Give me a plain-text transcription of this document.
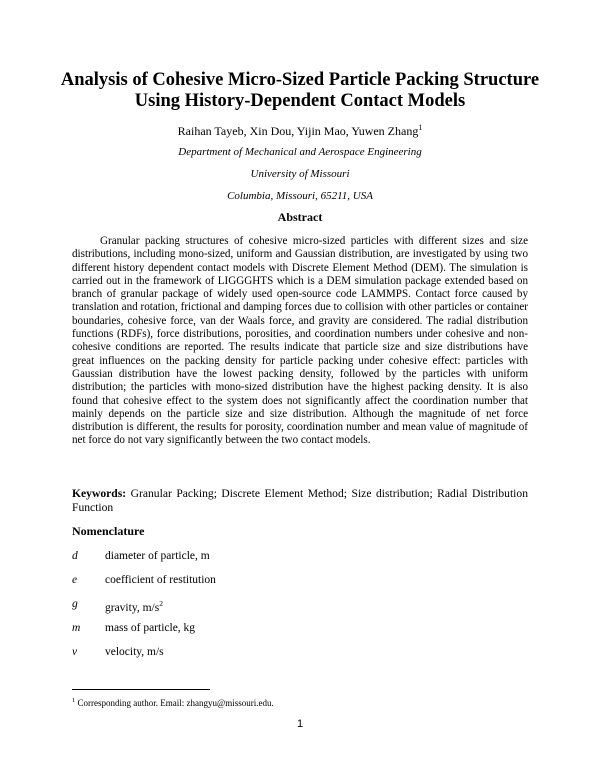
Analysis of Cohesive Micro-Sized Particle Packing Structure
Using History-Dependent Contact Models
Raihan Tayeb, Xin Dou, Yijin Mao, Yuwen Zhang$^1$
Department of Mechanical and Aerospace Engineering
University of Missouri
Columbia, Missouri, 65211, USA
Abstract

Granular packing structures of cohesive micro-sized particles with different sizes and size distributions, including mono-sized, uniform and Gaussian distribution, are investigated by using two different history dependent contact models with Discrete Element Method (DEM). The simulation is carried out in the framework of LIGGGHTS which is a DEM simulation package extended based on branch of granular package of widely used open-source code LAMMPS. Contact force caused by translation and rotation, frictional and damping forces due to collision with other particles or container boundaries, cohesive force, van der Waals force, and gravity are considered. The radial distribution functions (RDFs), force distributions, porosities, and coordination numbers under cohesive and non-cohesive conditions are reported. The results indicate that particle size and size distributions have great influences on the packing density for particle packing under cohesive effect: particles with Gaussian distribution have the lowest packing density, followed by the particles with uniform distribution; the particles with mono-sized distribution have the highest packing density. It is also found that cohesive effect to the system does not significantly affect the coordination number that mainly depends on the particle size and size distribution. Although the magnitude of net force distribution is different, the results for porosity, coordination number and mean value of magnitude of net force do not vary significantly between the two contact models.

Keywords: Granular Packing; Discrete Element Method; Size distribution; Radial Distribution Function

Nomenclature
d diameter of particle, m
e coefficient of restitution
g gravity, $m/s^2$
m mass of particle, kg
v velocity, m/s
$^1$ Corresponding author. Email: zhangyu@missouri.edu.
1
